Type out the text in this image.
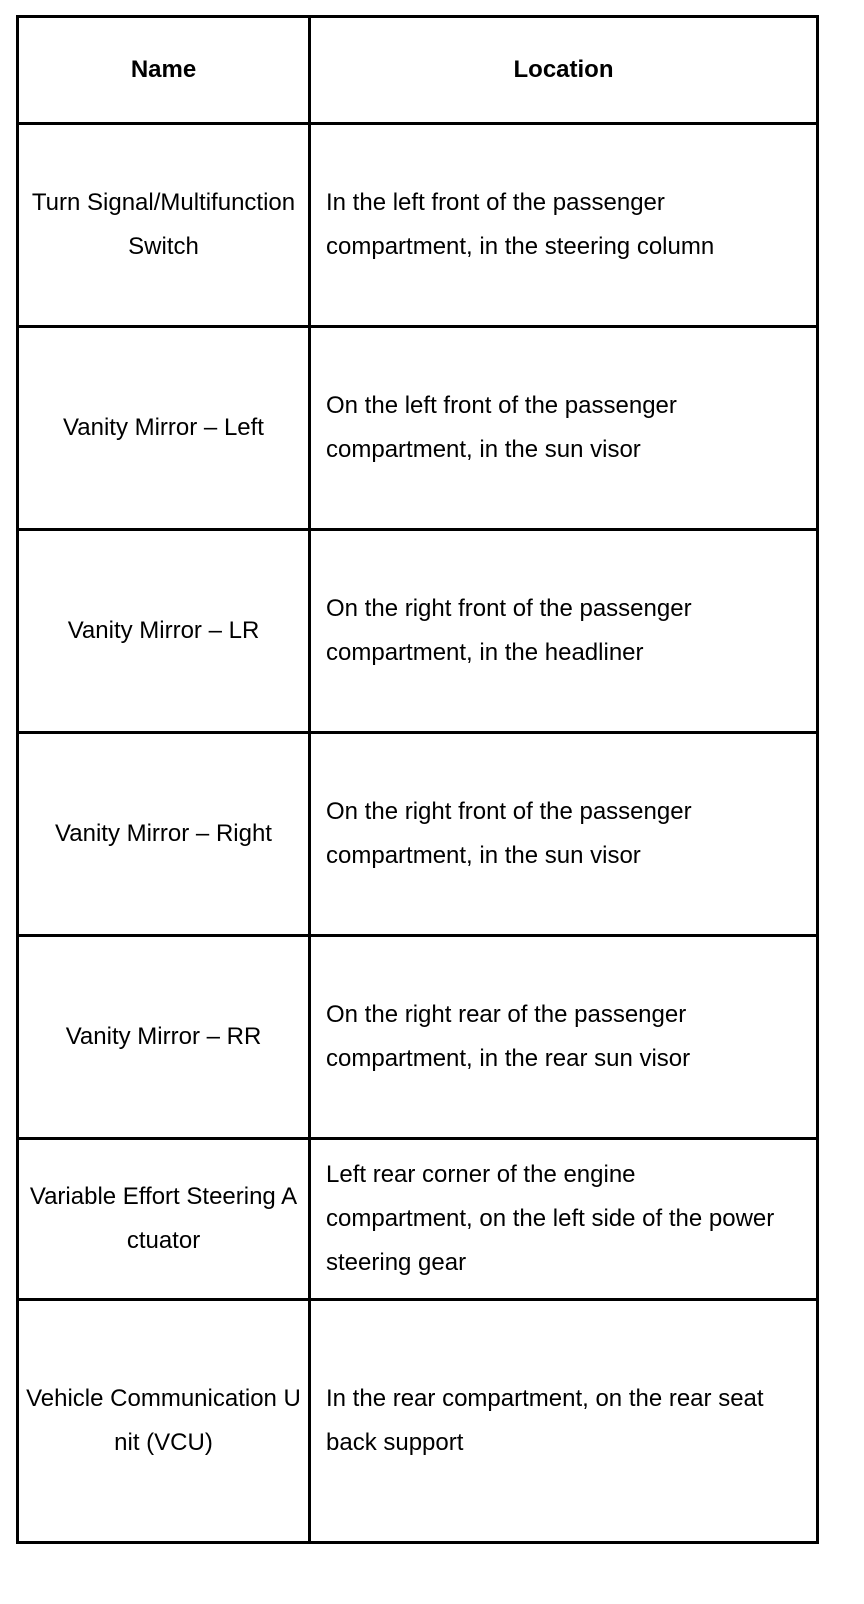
Name	Location
Turn Signal/Multifunction Switch	In the left front of the passenger compartment, in the steering column
Vanity Mirror – Left	On the left front of the passenger compartment, in the sun visor
Vanity Mirror – LR	On the right front of the passenger compartment, in the headliner
Vanity Mirror – Right	On the right front of the passenger compartment, in the sun visor
Vanity Mirror – RR	On the right rear of the passenger compartment, in the rear sun visor
Variable Effort Steering Actuator	Left rear corner of the engine compartment, on the left side of the power steering gear
Vehicle Communication Unit (VCU)	In the rear compartment, on the rear seat back support
